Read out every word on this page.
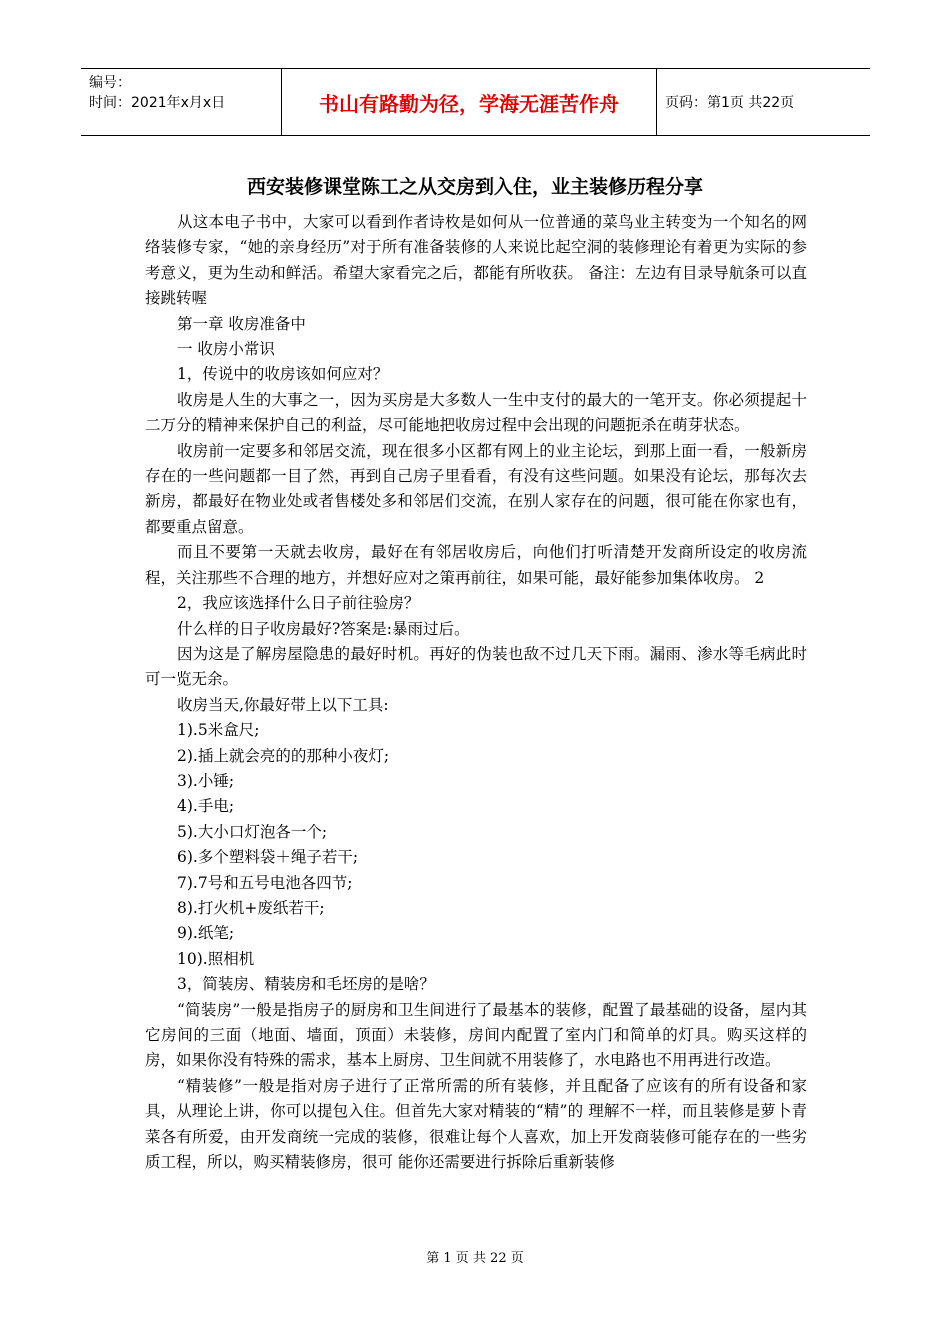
编号：
时间：2021年x月x日	书山有路勤为径，学海无涯苦作舟	页码：第1页 共22页
西安装修课堂陈工之从交房到入住，业主装修历程分享

从这本电子书中，大家可以看到作者诗枚是如何从一位普通的菜鸟业主转变为一个知名的网络装修专家，“她的亲身经历”对于所有准备装修的人来说比起空洞的装修理论有着更为实际的参考意义，更为生动和鲜活。希望大家看完之后，都能有所收获。 备注：左边有目录导航条可以直接跳转喔

第一章 收房准备中

一 收房小常识

1，传说中的收房该如何应对？

收房是人生的大事之一，因为买房是大多数人一生中支付的最大的一笔开支。你必须提起十二万分的精神来保护自己的利益，尽可能地把收房过程中会出现的问题扼杀在萌芽状态。

收房前一定要多和邻居交流，现在很多小区都有网上的业主论坛，到那上面一看，一般新房存在的一些问题都一目了然，再到自己房子里看看，有没有这些问题。如果没有论坛，那每次去新房，都最好在物业处或者售楼处多和邻居们交流，在别人家存在的问题，很可能在你家也有，都要重点留意。

而且不要第一天就去收房，最好在有邻居收房后，向他们打听清楚开发商所设定的收房流程，关注那些不合理的地方，并想好应对之策再前往，如果可能，最好能参加集体收房。 2

2，我应该选择什么日子前往验房？

什么样的日子收房最好?答案是:暴雨过后。

因为这是了解房屋隐患的最好时机。再好的伪装也敌不过几天下雨。漏雨、渗水等毛病此时可一览无余。

收房当天,你最好带上以下工具:

1).5米盒尺;

2).插上就会亮的的那种小夜灯;

3).小锤;

4).手电;

5).大小口灯泡各一个;

6).多个塑料袋＋绳子若干;

7).7号和五号电池各四节;

8).打火机+废纸若干;

9).纸笔;

10).照相机

3，简装房、精装房和毛坯房的是啥？

“简装房”一般是指房子的厨房和卫生间进行了最基本的装修，配置了最基础的设备，屋内其它房间的三面（地面、墙面，顶面）未装修，房间内配置了室内门和简单的灯具。购买这样的房，如果你没有特殊的需求，基本上厨房、卫生间就不用装修了，水电路也不用再进行改造。

“精装修”一般是指对房子进行了正常所需的所有装修，并且配备了应该有的所有设备和家具，从理论上讲，你可以提包入住。但首先大家对精装的“精”的 理解不一样，而且装修是萝卜青菜各有所爱，由开发商统一完成的装修，很难让每个人喜欢，加上开发商装修可能存在的一些劣质工程，所以，购买精装修房，很可 能你还需要进行拆除后重新装修

第 1 页 共 22 页
